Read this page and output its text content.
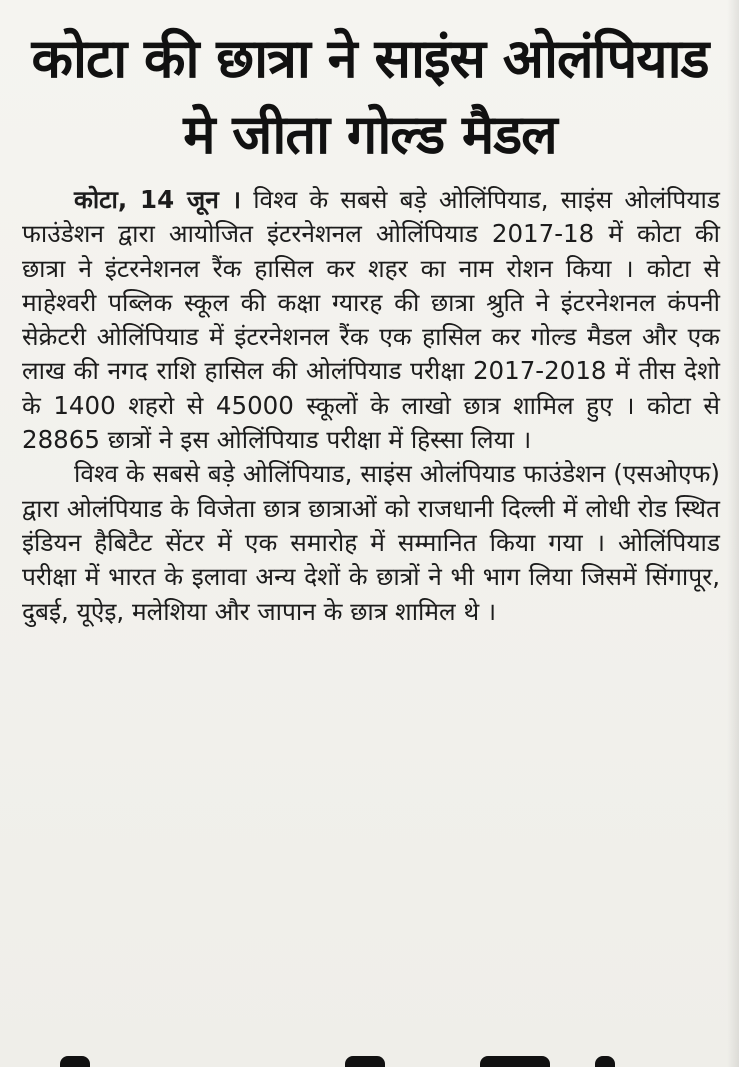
कोटा की छात्रा ने साइंस ओलंपियाड
मे जीता गोल्ड मैडल

कोटा, 14 जून । विश्व के सबसे बड़े ओलिंपियाड, साइंस ओलंपियाड फाउंडेशन द्वारा आयोजित इंटरनेशनल ओलिंपियाड 2017-18 में कोटा की छात्रा ने इंटरनेशनल रैंक हासिल कर शहर का नाम रोशन किया । कोटा से माहेश्वरी पब्लिक स्कूल की कक्षा ग्यारह की छात्रा श्रुति ने इंटरनेशनल कंपनी सेक्रेटरी ओलिंपियाड में इंटरनेशनल रैंक एक हासिल कर गोल्ड मैडल और एक लाख की नगद राशि हासिल की ओलंपियाड परीक्षा 2017-2018 में तीस देशो के 1400 शहरो से 45000 स्कूलों के लाखो छात्र शामिल हुए । कोटा से 28865 छात्रों ने इस ओलिंपियाड परीक्षा में हिस्सा लिया ।

विश्व के सबसे बड़े ओलिंपियाड, साइंस ओलंपियाड फाउंडेशन (एसओएफ) द्वारा ओलंपियाड के विजेता छात्र छात्राओं को राजधानी दिल्ली में लोधी रोड स्थित इंडियन हैबिटैट सेंटर में एक समारोह में सम्मानित किया गया । ओलिंपियाड परीक्षा में भारत के इलावा अन्य देशों के छात्रों ने भी भाग लिया जिसमें सिंगापूर, दुबई, यूऐइ, मलेशिया और जापान के छात्र शामिल थे ।
